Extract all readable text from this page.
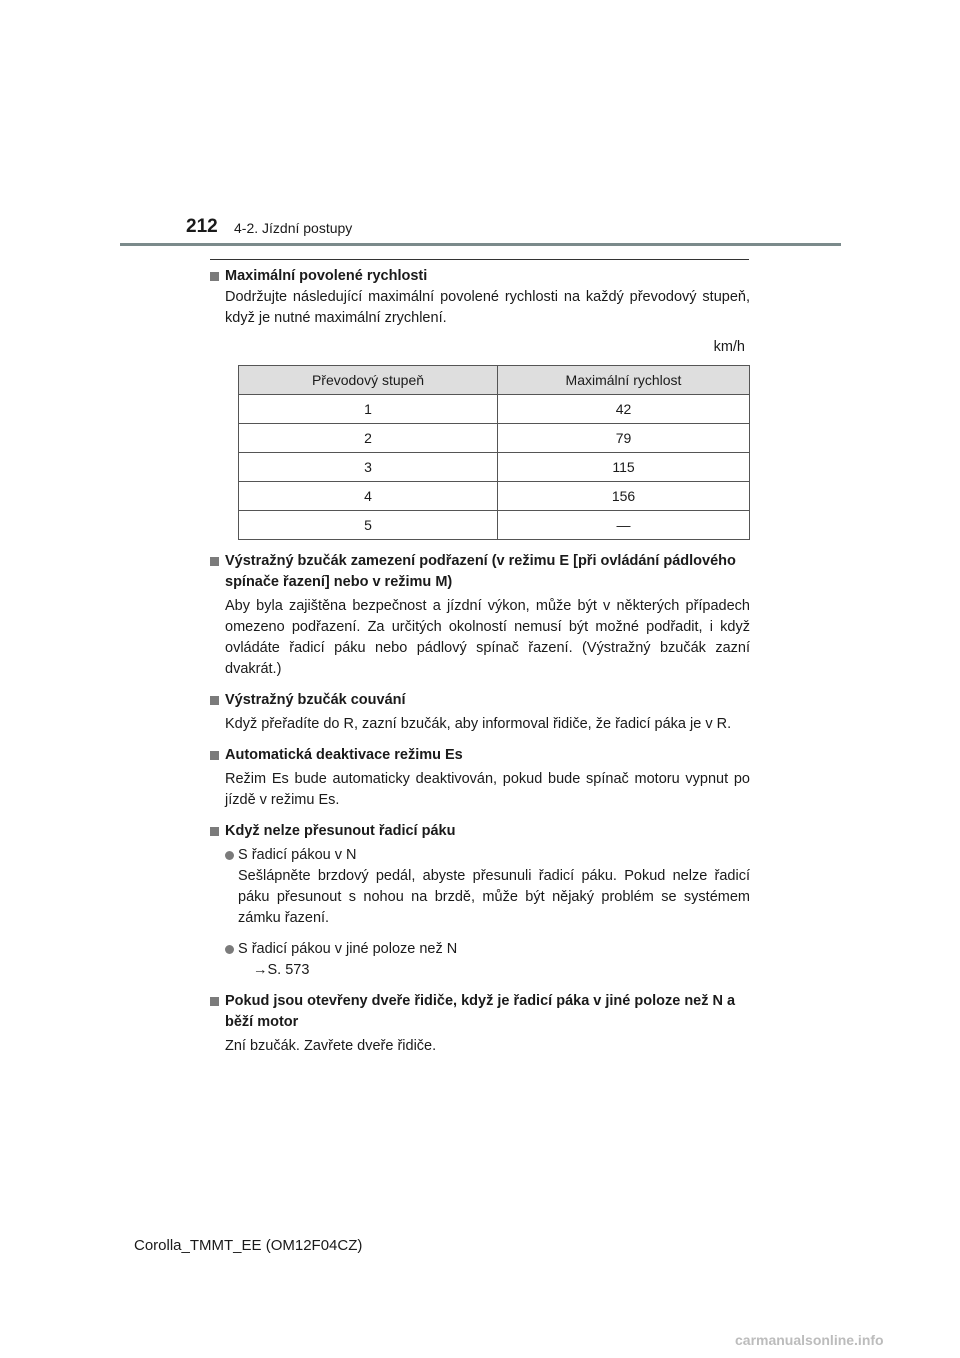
212 4-2. Jízdní postupy
Maximální povolené rychlosti
Dodržujte následující maximální povolené rychlosti na každý převodový stupeň, když je nutné maximální zrychlení.
km/h
Převodový stupeň	Maximální rychlost
1	42
2	79
3	115
4	156
5	—
Výstražný bzučák zamezení podřazení (v režimu E [při ovládání pádlového spínače řazení] nebo v režimu M)
Aby byla zajištěna bezpečnost a jízdní výkon, může být v některých případech omezeno podřazení. Za určitých okolností nemusí být možné podřadit, i když ovládáte řadicí páku nebo pádlový spínač řazení. (Výstražný bzučák zazní dvakrát.)
Výstražný bzučák couvání
Když přeřadíte do R, zazní bzučák, aby informoval řidiče, že řadicí páka je v R.
Automatická deaktivace režimu Es
Režim Es bude automaticky deaktivován, pokud bude spínač motoru vypnut po jízdě v režimu Es.
Když nelze přesunout řadicí páku
S řadicí pákou v N
Sešlápněte brzdový pedál, abyste přesunuli řadicí páku. Pokud nelze řadicí páku přesunout s nohou na brzdě, může být nějaký problém se systémem zámku řazení.
S řadicí pákou v jiné poloze než N
→S. 573
Pokud jsou otevřeny dveře řidiče, když je řadicí páka v jiné poloze než N a běží motor
Zní bzučák. Zavřete dveře řidiče.
Corolla_TMMT_EE (OM12F04CZ)
carmanualsonline.info
